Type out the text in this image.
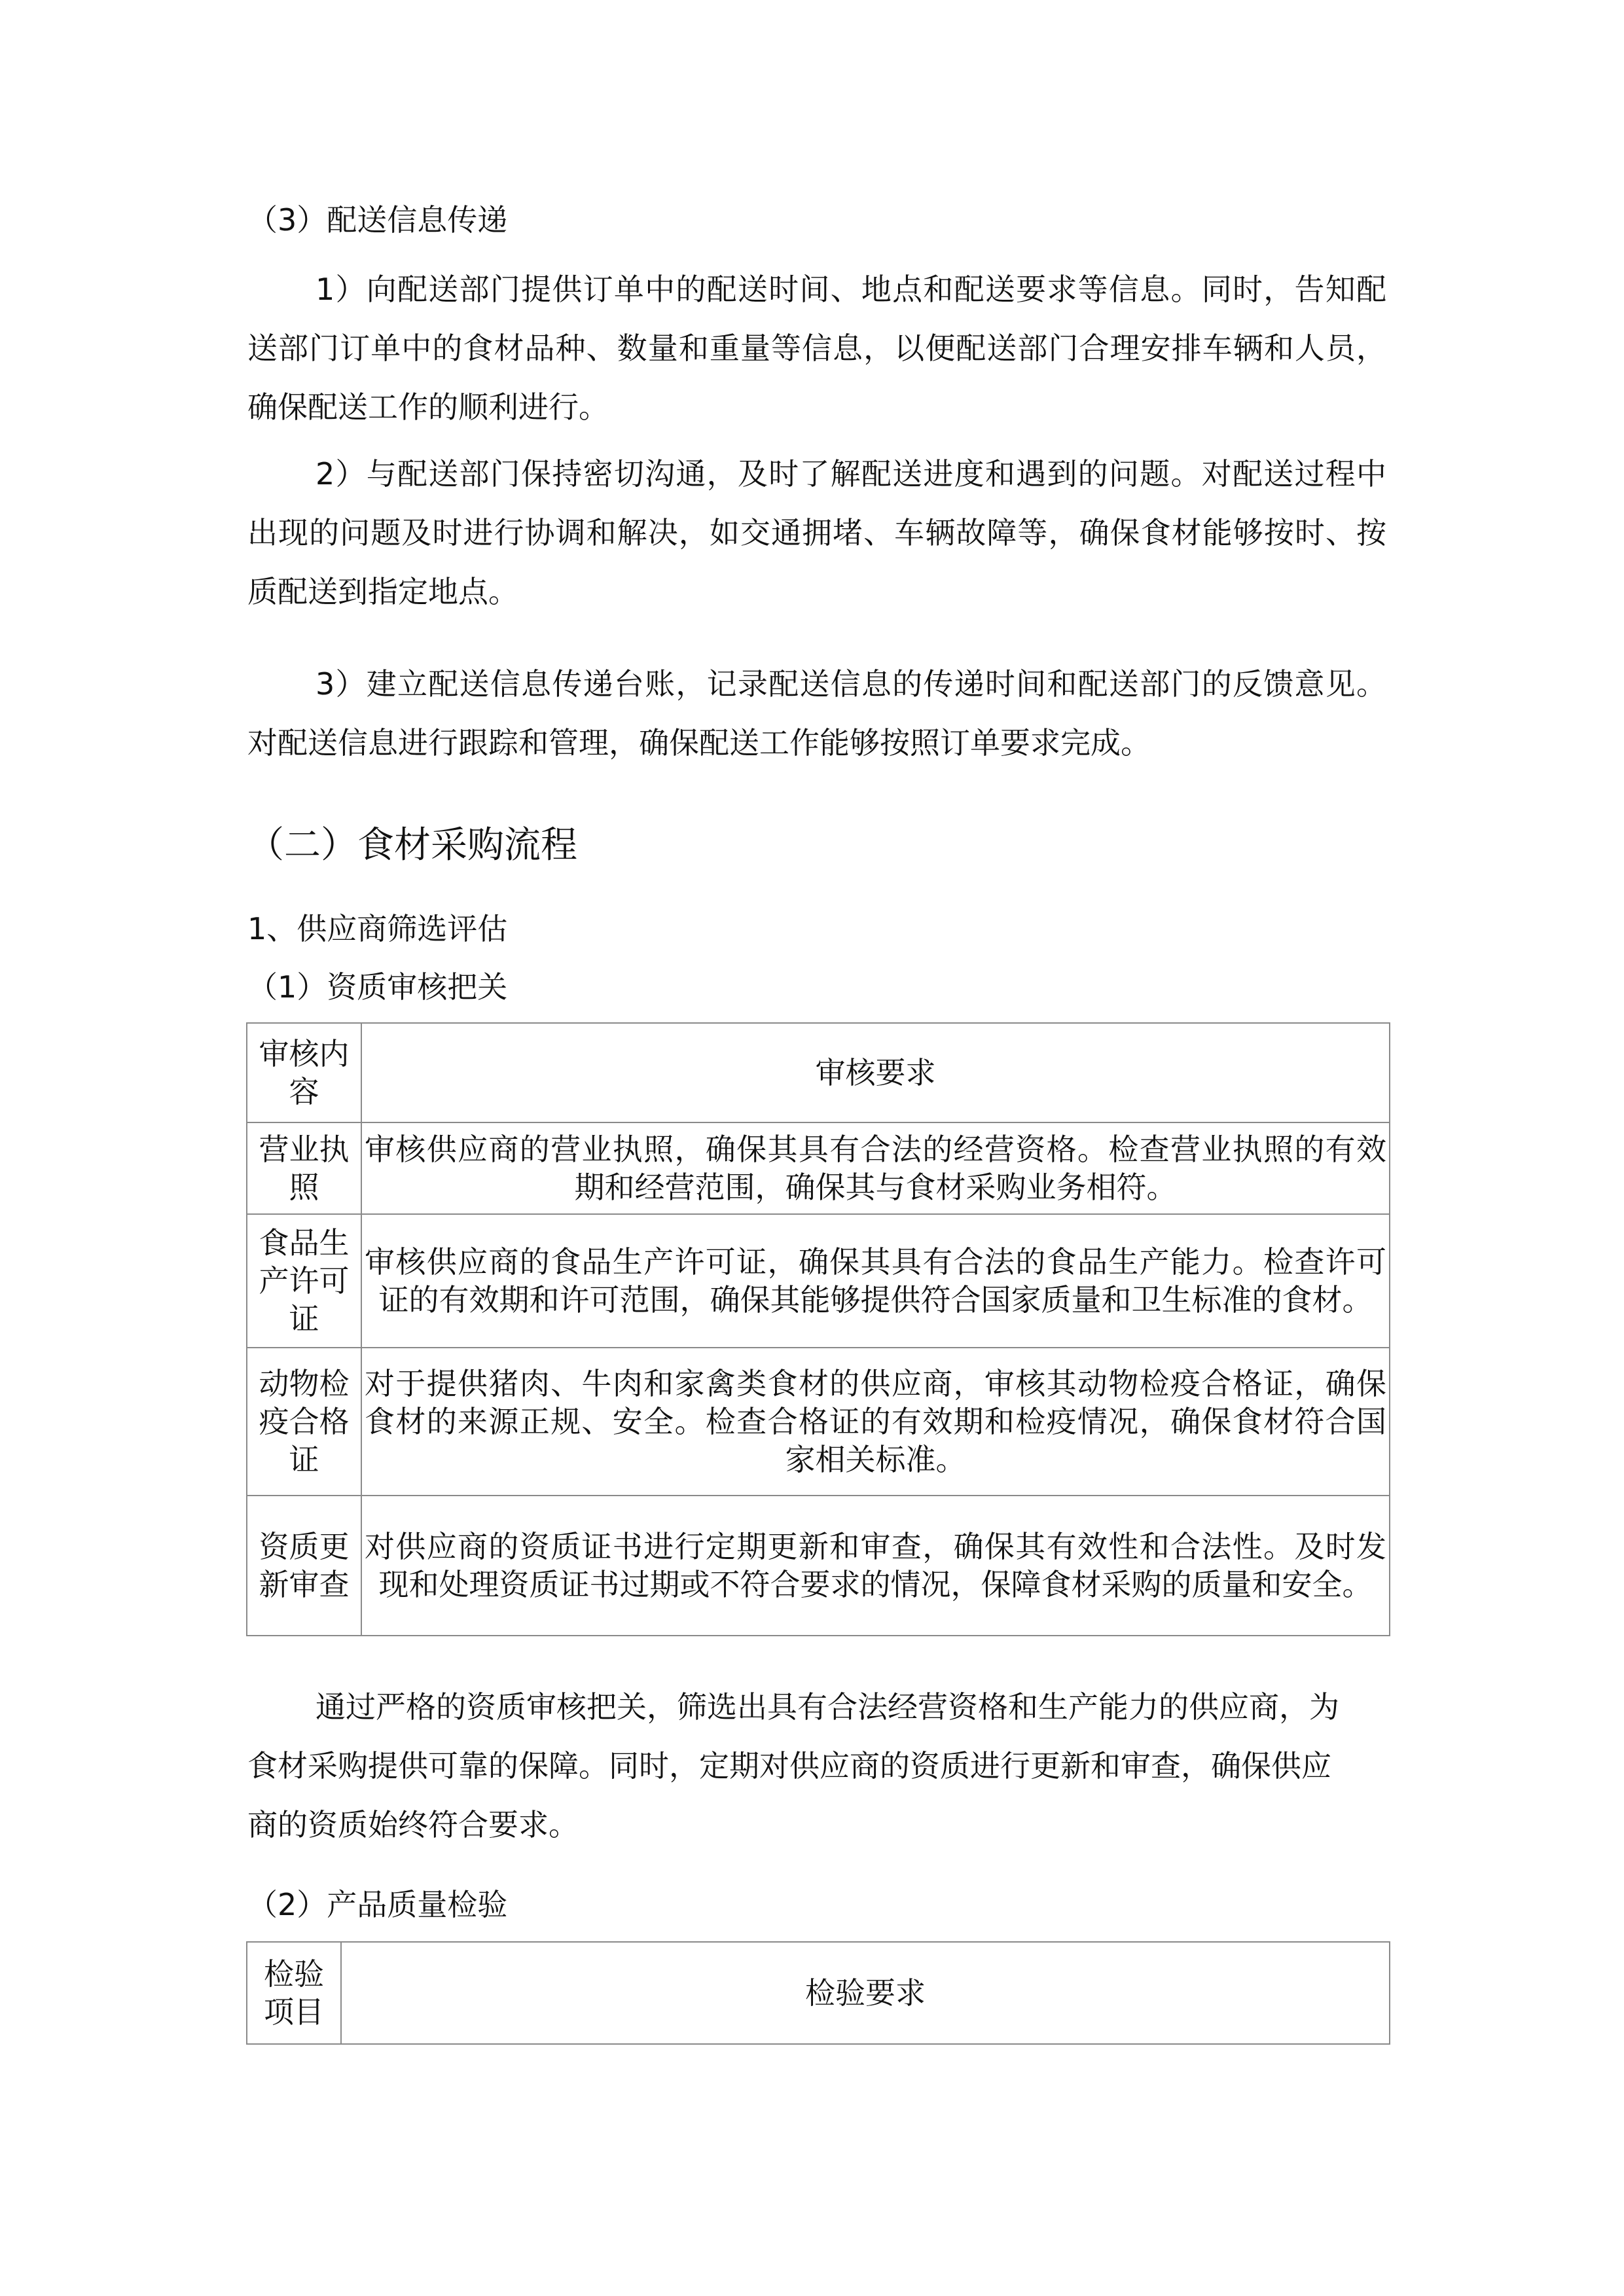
（3）配送信息传递
1）向配送部门提供订单中的配送时间、地点和配送要求等信息。同时，告知配送部门订单中的食材品种、数量和重量等信息，以便配送部门合理安排车辆和人员，确保配送工作的顺利进行。
2）与配送部门保持密切沟通，及时了解配送进度和遇到的问题。对配送过程中出现的问题及时进行协调和解决，如交通拥堵、车辆故障等，确保食材能够按时、按质配送到指定地点。
3）建立配送信息传递台账，记录配送信息的传递时间和配送部门的反馈意见。对配送信息进行跟踪和管理，确保配送工作能够按照订单要求完成。
（二）食材采购流程
1、供应商筛选评估
（1）资质审核把关
审核内容	审核要求
营业执照	审核供应商的营业执照，确保其具有合法的经营资格。检查营业执照的有效期和经营范围，确保其与食材采购业务相符。
食品生产许可证	审核供应商的食品生产许可证，确保其具有合法的食品生产能力。检查许可证的有效期和许可范围，确保其能够提供符合国家质量和卫生标准的食材。
动物检疫合格证	对于提供猪肉、牛肉和家禽类食材的供应商，审核其动物检疫合格证，确保食材的来源正规、安全。检查合格证的有效期和检疫情况，确保食材符合国家相关标准。
资质更新审查	对供应商的资质证书进行定期更新和审查，确保其有效性和合法性。及时发现和处理资质证书过期或不符合要求的情况，保障食材采购的质量和安全。
通过严格的资质审核把关，筛选出具有合法经营资格和生产能力的供应商，为食材采购提供可靠的保障。同时，定期对供应商的资质进行更新和审查，确保供应商的资质始终符合要求。
（2）产品质量检验
检验项目	检验要求
